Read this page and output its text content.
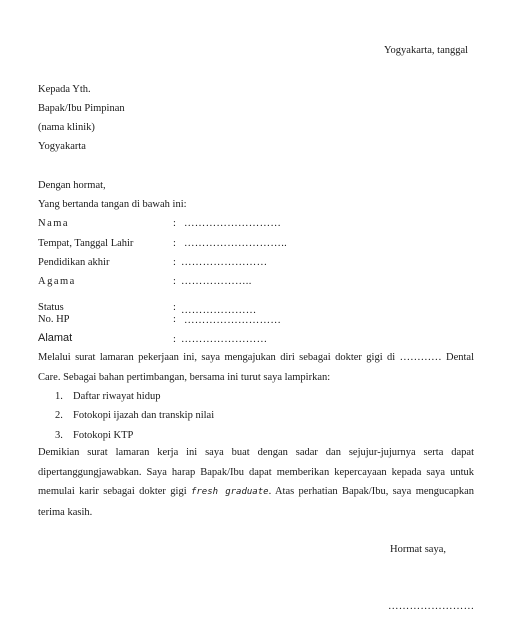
Yogyakarta, tanggal
Kepada Yth.
Bapak/Ibu Pimpinan
(nama klinik)
Yogyakarta
Dengan hormat,
Yang bertanda tangan di bawah ini:
Nama	: ………………………
Tempat, Tanggal Lahir	: ………………………..
Pendidikan akhir	: ……………………
Agama	: ………………..
Status	: …………………
No. HP	: ………………………
Alamat	: ……………………
Melalui surat lamaran pekerjaan ini, saya mengajukan diri sebagai dokter gigi di ………… Dental
Care. Sebagai bahan pertimbangan, bersama ini turut saya lampirkan:
1. Daftar riwayat hidup
2. Fotokopi ijazah dan transkip nilai
3. Fotokopi KTP
Demikian surat lamaran kerja ini saya buat dengan sadar dan sejujur-jujurnya serta dapat
dipertanggungjawabkan. Saya harap Bapak/Ibu dapat memberikan kepercayaan kepada saya untuk
memulai karir sebagai dokter gigi fresh graduate. Atas perhatian Bapak/Ibu, saya mengucapkan
terima kasih.
Hormat saya,
……………………
